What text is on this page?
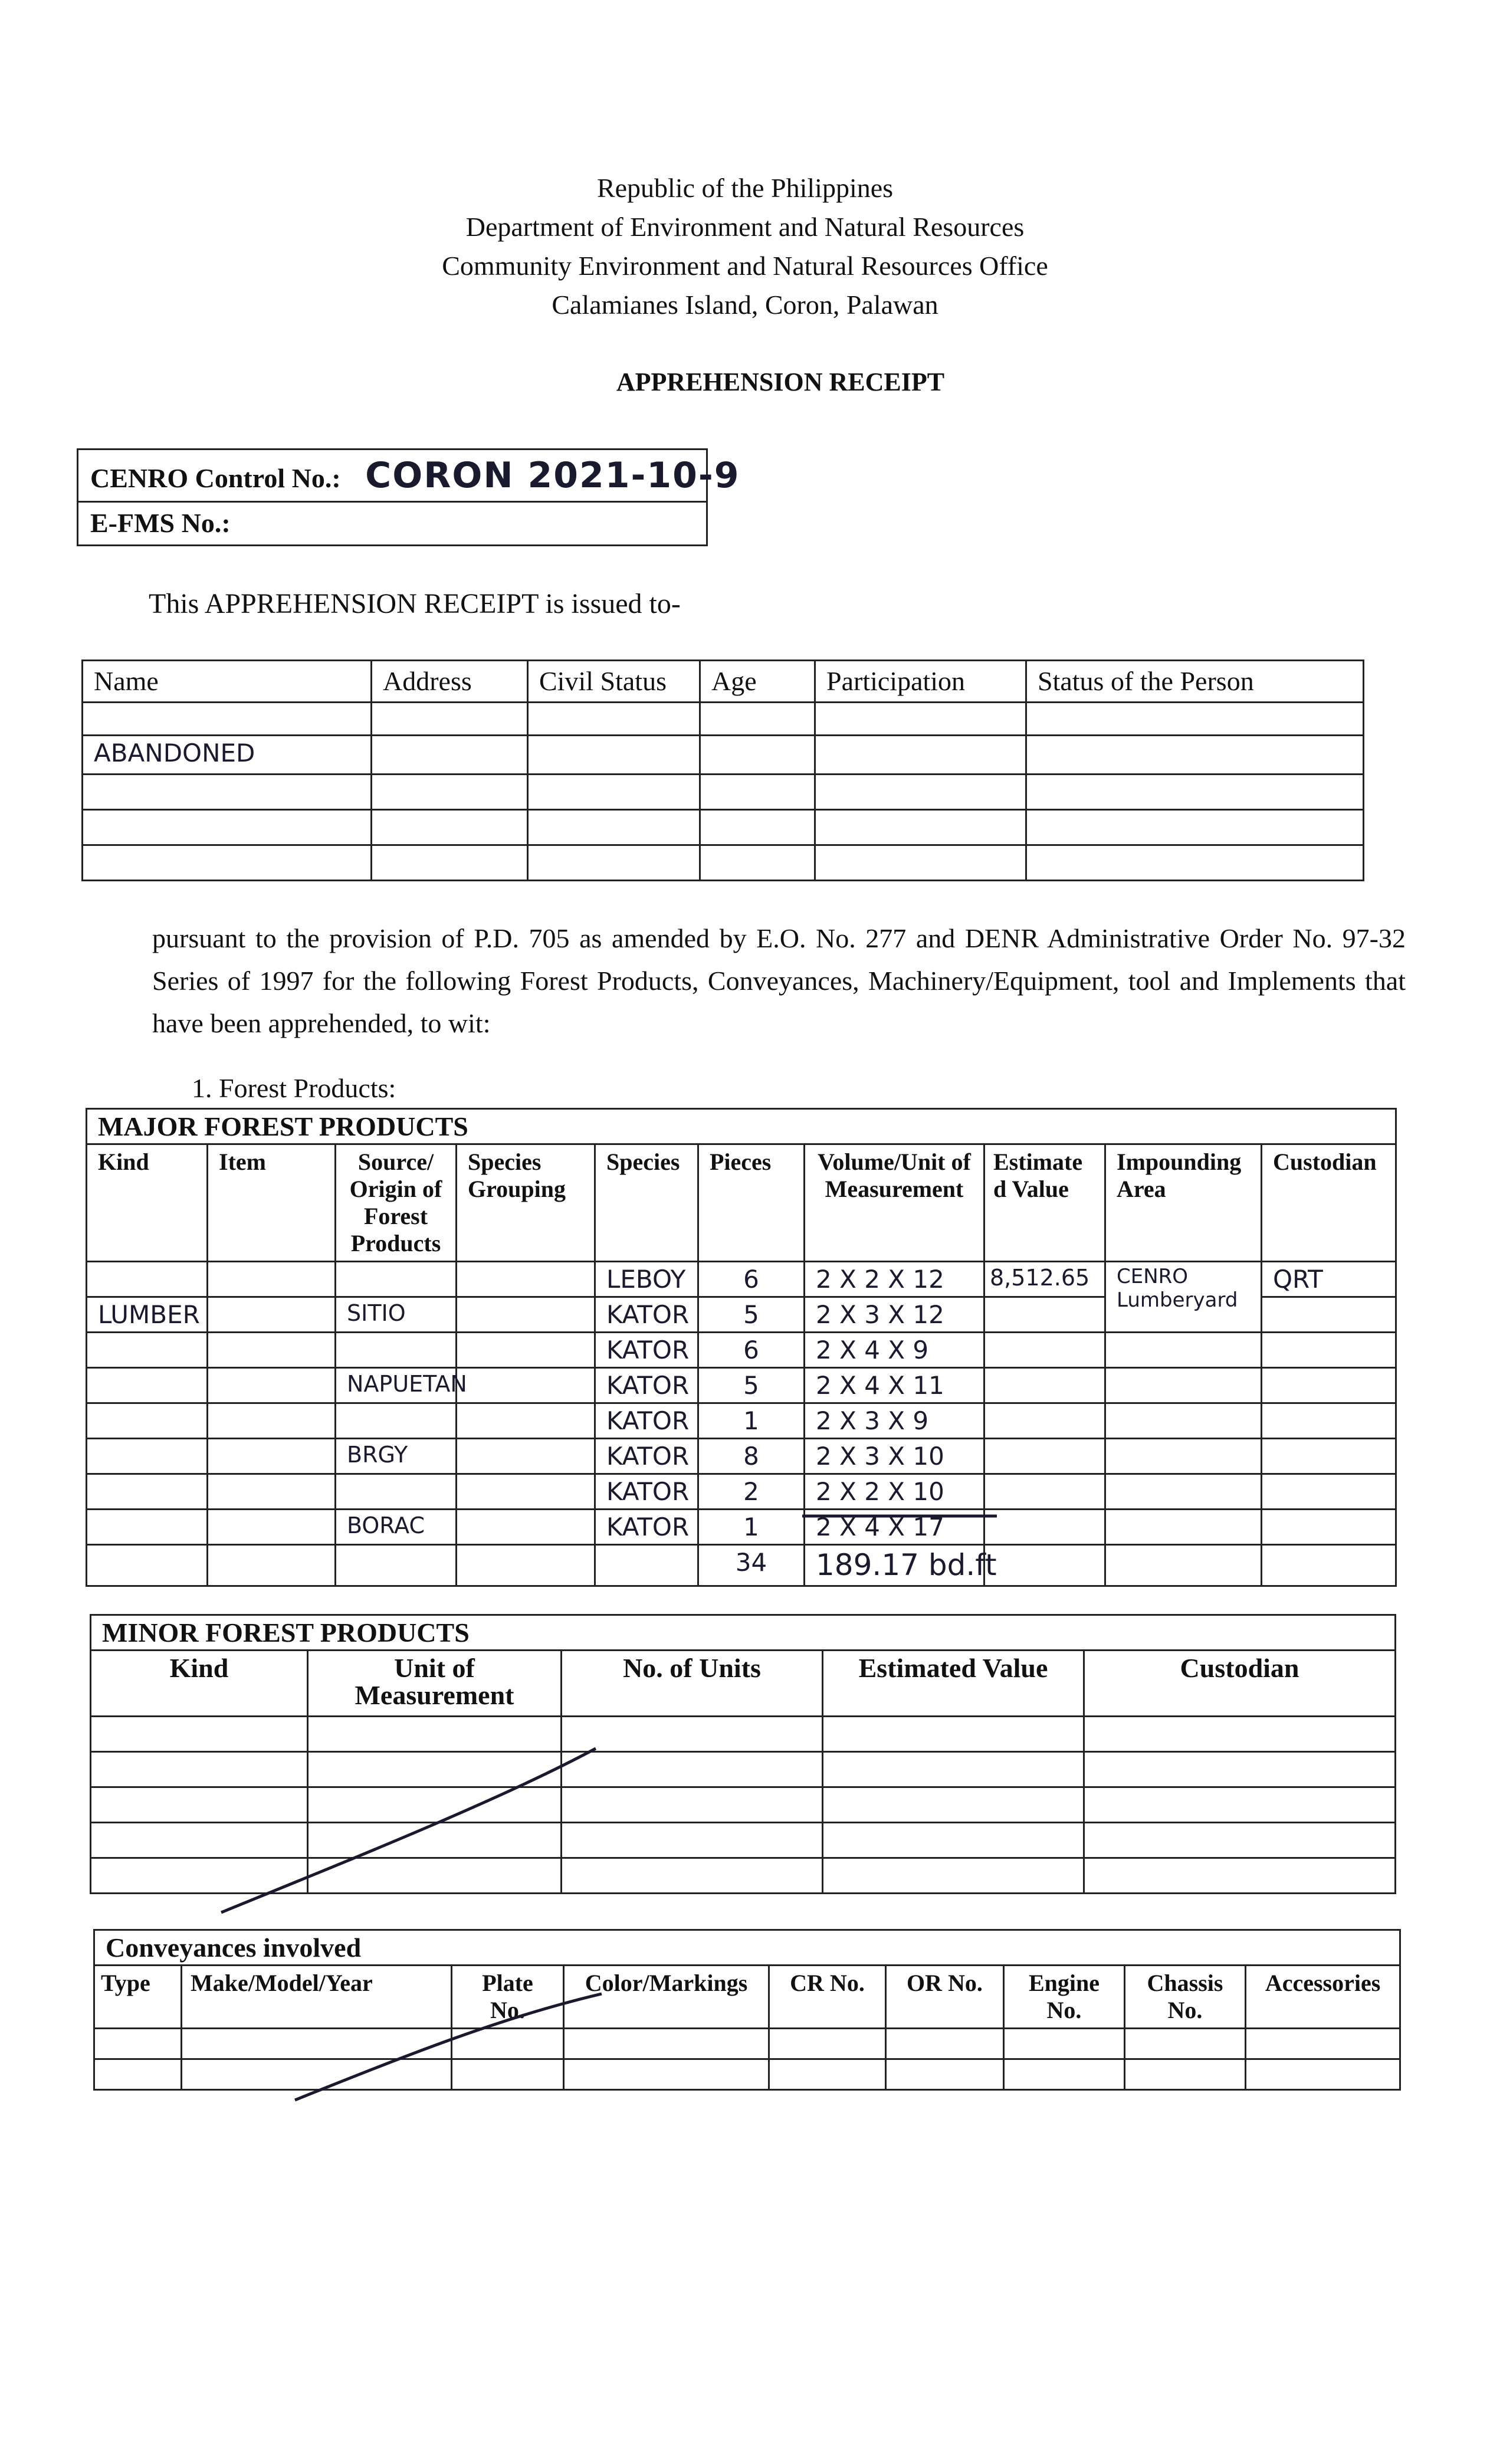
Republic of the Philippines
Department of Environment and Natural Resources
Community Environment and Natural Resources Office
Calamianes Island, Coron, Palawan
APPREHENSION RECEIPT
CENRO Control No.: CORON 2021-10-9
E-FMS No.:
This APPREHENSION RECEIPT is issued to-
Name	Address	Civil Status	Age	Participation	Status of the Person

ABANDONED					

pursuant to the provision of P.D. 705 as amended by E.O. No. 277 and DENR Administrative Order No. 97-32 Series of 1997 for the following Forest Products, Conveyances, Machinery/Equipment, tool and Implements that have been apprehended, to wit:
1. Forest Products:
MAJOR FOREST PRODUCTS									
Kind	Item	Source/ Origin of Forest Products	Species Grouping	Species	Pieces	Volume/Unit of Measurement	Estimate d Value	Impounding Area	Custodian
				LEBOY	6	2 X 2 X 12	8,512.65	CENRO Lumberyard	QRT
LUMBER		SITIO		KATOR	5	2 X 3 X 12			
				KATOR	6	2 X 4 X 9			
		NAPUETAN		KATOR	5	2 X 4 X 11			
				KATOR	1	2 X 3 X 9			
		BRGY		KATOR	8	2 X 3 X 10			
				KATOR	2	2 X 2 X 10			
		BORAC		KATOR	1	2 X 4 X 17			
					34	189.17 bd.ft			
MINOR FOREST PRODUCTS				
Kind	Unit of Measurement	No. of Units	Estimated Value	Custodian

Conveyances involved								
Type	Make/Model/Year	Plate No.	Color/Markings	CR No.	OR No.	Engine No.	Chassis No.	Accessories
